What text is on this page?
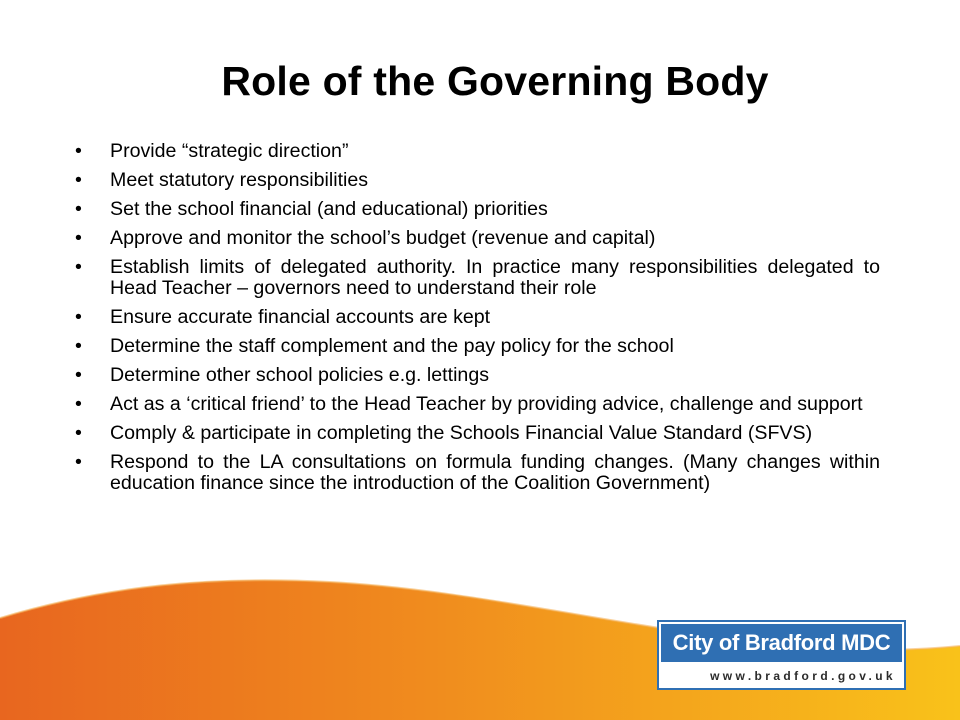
Role of the Governing Body
• Provide “strategic direction”
• Meet statutory responsibilities
• Set the school financial (and educational) priorities
• Approve and monitor the school’s budget (revenue and capital)
• Establish limits of delegated authority. In practice many responsibilities delegated to Head Teacher – governors need to understand their role
• Ensure accurate financial accounts are kept
• Determine the staff complement and the pay policy for the school
• Determine other school policies e.g. lettings
• Act as a ‘critical friend’ to the Head Teacher by providing advice, challenge and support
• Comply & participate in completing the Schools Financial Value Standard (SFVS)
• Respond to the LA consultations on formula funding changes. (Many changes within education finance since the introduction of the Coalition Government)
City of Bradford MDC
www.bradford.gov.uk
